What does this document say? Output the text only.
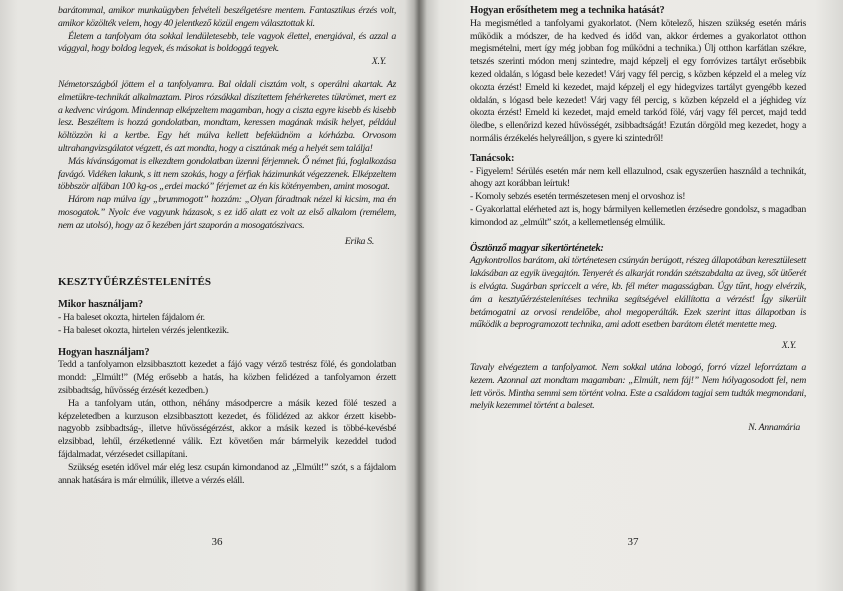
barátommal, amikor munkaügyben felvételi beszélgetésre mentem. Fantasztikus érzés volt, amikor közölték velem, hogy 40 jelentkező közül engem választottak ki.

Életem a tanfolyam óta sokkal lendületesebb, tele vagyok élettel, energiával, és azzal a vággyal, hogy boldog legyek, és másokat is boldoggá tegyek.

X.Y.

Németországból jöttem el a tanfolyamra. Bal oldali cisztám volt, s operálni akartak. Az elmetükre-technikát alkalmaztam. Piros rózsákkal díszítettem fehérkeretes tükrömet, mert ez a kedvenc virágom. Mindennap elképzeltem magamban, hogy a ciszta egyre kisebb és kisebb lesz. Beszéltem is hozzá gondolatban, mondtam, keressen magának másik helyet, például költözzön ki a kertbe. Egy hét múlva kellett befeküdnöm a kórházba. Orvosom ultrahangvizsgálatot végzett, és azt mondta, hogy a cisztának még a helyét sem találja!

Más kívánságomat is elkezdtem gondolatban üzenni férjemnek. Ő német fiú, foglalkozása favágó. Vidéken lakunk, s itt nem szokás, hogy a férfiak házimunkát végezzenek. Elképzeltem többször alfában 100 kg-os „erdei mackó” férjemet az én kis kötényemben, amint mosogat.

Három nap múlva így „brummogott” hozzám: „Olyan fáradtnak nézel ki kicsim, ma én mosogatok.” Nyolc éve vagyunk házasok, s ez idő alatt ez volt az első alkalom (remélem, nem az utolsó), hogy az ő kezében járt szaporán a mosogatószivacs.

Erika S.

KESZTYŰÉRZÉSTELENÍTÉS

Mikor használjam?

- Ha baleset okozta, hirtelen fájdalom ér.

- Ha baleset okozta, hirtelen vérzés jelentkezik.

Hogyan használjam?

Tedd a tanfolyamon elzsibbasztott kezedet a fájó vagy vérző testrész fölé, és gondolatban mondd: „Elmúlt!” (Még erősebb a hatás, ha közben felidézed a tanfolyamon érzett zsibbadtság, hűvösség érzését kezedben.)

Ha a tanfolyam után, otthon, néhány másodpercre a másik kezed fölé teszed a képzeletedben a kurzuson elzsibbasztott kezedet, és fölidézed az akkor érzett kisebb-nagyobb zsibbadtság-, illetve hűvösségérzést, akkor a másik kezed is többé-kevésbé elzsibbad, lehűl, érzéketlenné válik. Ezt követően már bármelyik kezeddel tudod fájdalmadat, vérzésedet csillapítani.

Szükség esetén idővel már elég lesz csupán kimondanod az „Elmúlt!” szót, s a fájdalom annak hatására is már elmúlik, illetve a vérzés eláll.

36

Hogyan erősíthetem meg a technika hatását?

Ha megismétled a tanfolyami gyakorlatot. (Nem kötelező, hiszen szükség esetén máris működik a módszer, de ha kedved és időd van, akkor érdemes a gyakorlatot otthon megismételni, mert így még jobban fog működni a technika.) Ülj otthon karfátlan székre, tetszés szerinti módon menj szintedre, majd képzelj el egy forróvizes tartályt erősebbik kezed oldalán, s lógasd bele kezedet! Várj vagy fél percig, s közben képzeld el a meleg víz okozta érzést! Emeld ki kezedet, majd képzelj el egy hidegvizes tartályt gyengébb kezed oldalán, s lógasd bele kezedet! Várj vagy fél percig, s közben képzeld el a jéghideg víz okozta érzést! Emeld ki kezedet, majd emeld tarkód fölé, várj vagy fél percet, majd tedd öledbe, s ellenőrizd kezed hűvösségét, zsibbadtságát! Ezután dörgöld meg kezedet, hogy a normális érzékelés helyreálljon, s gyere ki szintedről!

Tanácsok:

- Figyelem! Sérülés esetén már nem kell ellazulnod, csak egyszerűen használd a technikát, ahogy azt korábban leírtuk!

- Komoly sebzés esetén természetesen menj el orvoshoz is!

- Gyakorlattal elérheted azt is, hogy bármilyen kellemetlen érzésedre gondolsz, s magadban kimondod az „elmúlt” szót, a kellemetlenség elmúlik.

Ösztönző magyar sikertörténetek:

Agykontrollos barátom, aki történetesen csúnyán berúgott, részeg állapotában keresztülesett lakásában az egyik üvegajtón. Tenyerét és alkarját rondán szétszabdalta az üveg, sőt ütőerét is elvágta. Sugárban spriccelt a vére, kb. fél méter magasságban. Úgy tűnt, hogy elvérzik, ám a kesztyűérzéstelenítéses technika segítségével elállította a vérzést! Így sikerült betámogatni az orvosi rendelőbe, ahol megoperálták. Ezek szerint ittas állapotban is működik a beprogramozott technika, ami adott esetben barátom életét mentette meg.

X.Y.

Tavaly elvégeztem a tanfolyamot. Nem sokkal utána lobogó, forró vízzel leforráztam a kezem. Azonnal azt mondtam magamban: „Elmúlt, nem fáj!” Nem hólyagosodott fel, nem lett vörös. Mintha semmi sem történt volna. Este a családom tagjai sem tudták megmondani, melyik kezemmel történt a baleset.

N. Annamária

37
